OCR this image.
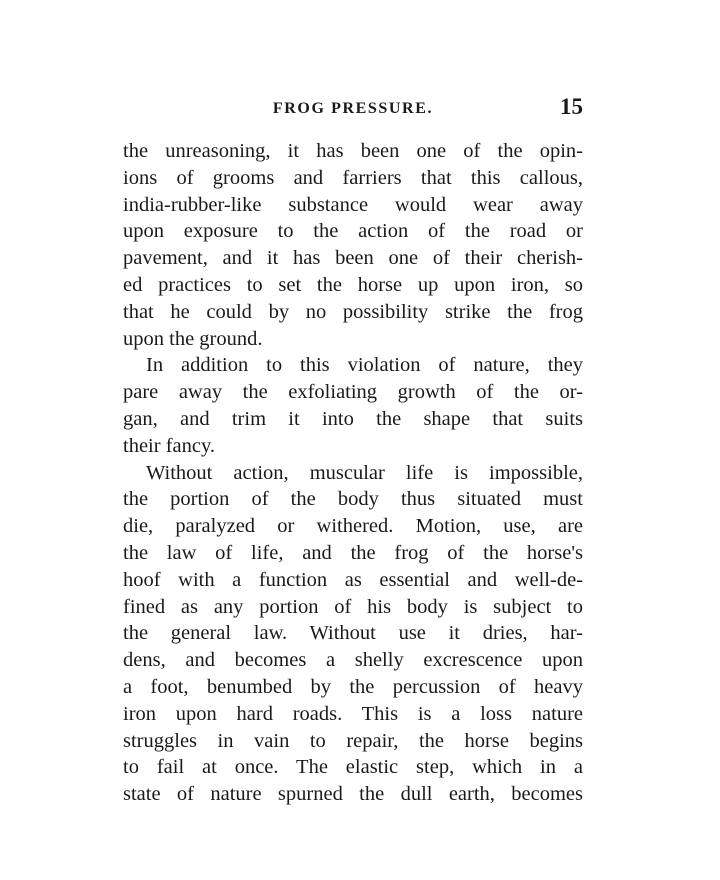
FROG PRESSURE.	15
the unreasoning, it has been one of the opin-
ions of grooms and farriers that this callous,
india-rubber-like substance would wear away
upon exposure to the action of the road or
pavement, and it has been one of their cherish-
ed practices to set the horse up upon iron, so
that he could by no possibility strike the frog
upon the ground.
In addition to this violation of nature, they
pare away the exfoliating growth of the or-
gan, and trim it into the shape that suits
their fancy.
Without action, muscular life is impossible,
the portion of the body thus situated must
die, paralyzed or withered. Motion, use, are
the law of life, and the frog of the horse's
hoof with a function as essential and well-de-
fined as any portion of his body is subject to
the general law. Without use it dries, har-
dens, and becomes a shelly excrescence upon
a foot, benumbed by the percussion of heavy
iron upon hard roads. This is a loss nature
struggles in vain to repair, the horse begins
to fail at once. The elastic step, which in a
state of nature spurned the dull earth, becomes
